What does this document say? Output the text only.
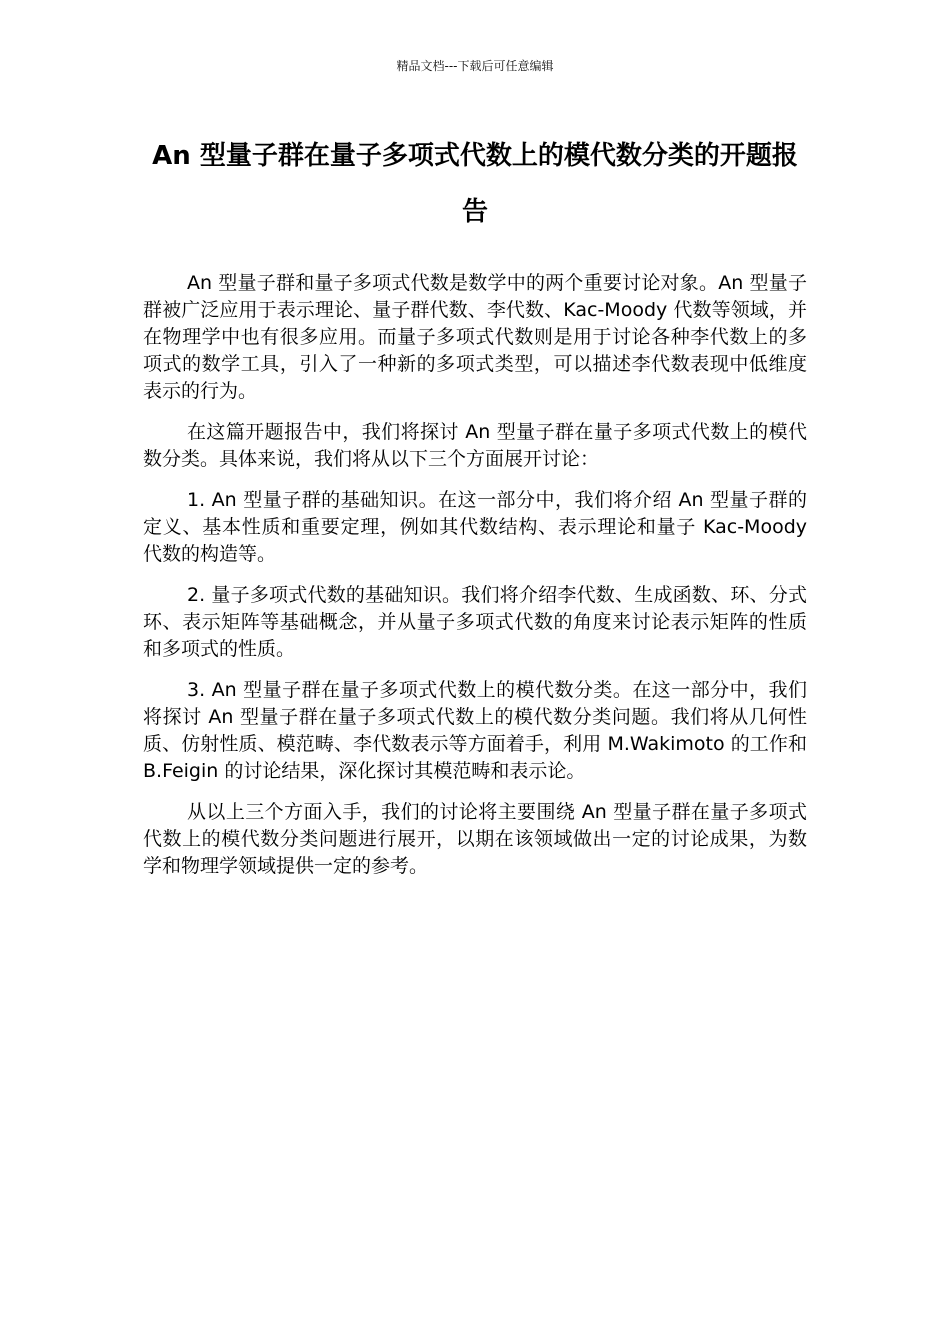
精品文档---下载后可任意编辑
An 型量子群在量子多项式代数上的模代数分类的开题报告

An 型量子群和量子多项式代数是数学中的两个重要讨论对象。An 型量子群被广泛应用于表示理论、量子群代数、李代数、Kac-Moody 代数等领域，并在物理学中也有很多应用。而量子多项式代数则是用于讨论各种李代数上的多项式的数学工具，引入了一种新的多项式类型，可以描述李代数表现中低维度表示的行为。

在这篇开题报告中，我们将探讨 An 型量子群在量子多项式代数上的模代数分类。具体来说，我们将从以下三个方面展开讨论：

1. An 型量子群的基础知识。在这一部分中，我们将介绍 An 型量子群的定义、基本性质和重要定理，例如其代数结构、表示理论和量子 Kac-Moody 代数的构造等。

2. 量子多项式代数的基础知识。我们将介绍李代数、生成函数、环、分式环、表示矩阵等基础概念，并从量子多项式代数的角度来讨论表示矩阵的性质和多项式的性质。

3. An 型量子群在量子多项式代数上的模代数分类。在这一部分中，我们将探讨 An 型量子群在量子多项式代数上的模代数分类问题。我们将从几何性质、仿射性质、模范畴、李代数表示等方面着手，利用 M.Wakimoto 的工作和 B.Feigin 的讨论结果，深化探讨其模范畴和表示论。

从以上三个方面入手，我们的讨论将主要围绕 An 型量子群在量子多项式代数上的模代数分类问题进行展开，以期在该领域做出一定的讨论成果，为数学和物理学领域提供一定的参考。
